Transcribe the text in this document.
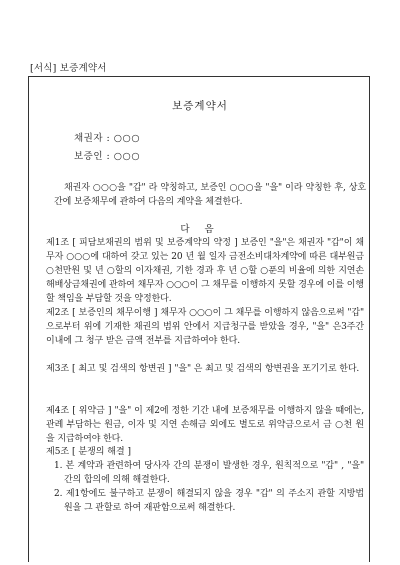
[서식] 보증계약서
보증계약서
채권자 : ○○○
보증인 : ○○○
채권자 ○○○을 "갑" 라 약칭하고, 보증인 ○○○을 "을" 이라 약칭한 후, 상호간에 보증채무에 관하여 다음의 계약을 체결한다.
다 음
제1조 [ 피담보채권의 범위 및 보증계약의 약정 ] 보증인 "을"은 채권자 "갑"이 채무자 ○○○에 대하여 갖고 있는 20 년 월 일자 금전소비대차계약에 따른 대부원금 ○천만원 및 년 ○할의 이자채권, 기한 경과 후 년 ○할 ○푼의 비율에 의한 지연손해배상금채권에 관하여 채무자 ○○○이 그 채무를 이행하지 못할 경우에 이를 이행할 책임을 부담할 것을 약정한다.
제2조 [ 보증인의 채무이행 ] 채무자 ○○○이 그 채무를 이행하지 않음으로써 "갑" 으로부터 위에 기재한 채권의 범위 안에서 지급청구를 받았을 경우, "을" 은3주간 이내에 그 청구 받은 금액 전부를 지급하여야 한다.
제3조 [ 최고 및 검색의 항변권 ] "을" 은 최고 및 검색의 항변권을 포기기로 한다.
제4조 [ 위약금 ] "을" 이 제2에 정한 기간 내에 보증채무를 이행하지 않을 때에는, 관례 부담하는 원금, 이자 및 지연 손해금 외에도 별도로 위약금으로서 금 ○천 원을 지급하여야 한다.
제5조 [ 분쟁의 해결 ]
1. 본 계약과 관련하여 당사자 간의 분쟁이 발생한 경우, 원칙적으로 "갑" , "을" 간의 합의에 의해 해결한다.
2. 제1항에도 불구하고 분쟁이 해결되지 않을 경우 "갑" 의 주소지 관할 지방법원을 그 관할로 하여 재판함으로써 해결한다.
